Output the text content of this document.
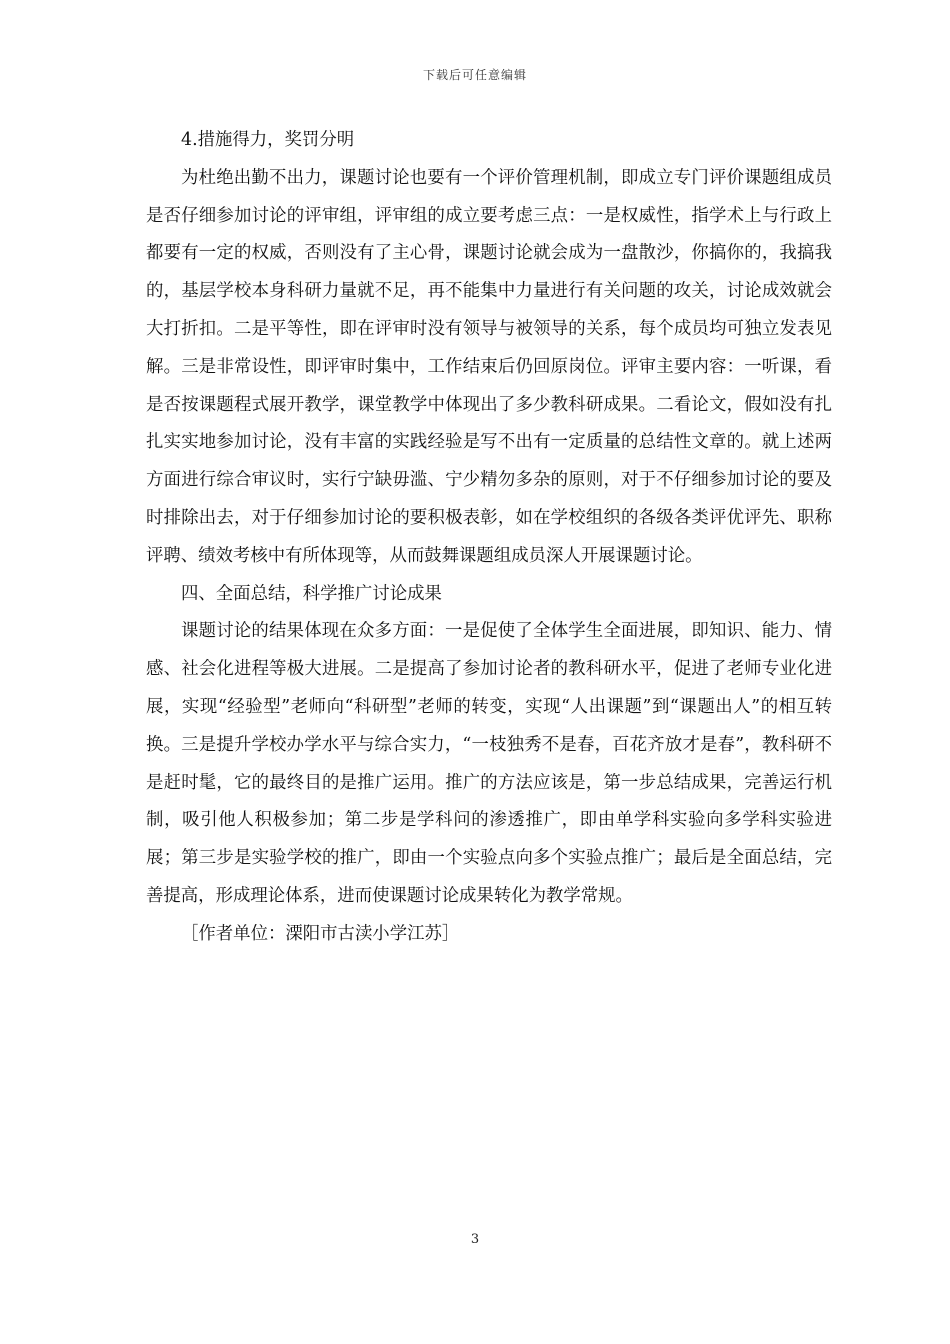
下载后可任意编辑

4.措施得力，奖罚分明

为杜绝出勤不出力，课题讨论也要有一个评价管理机制，即成立专门评价课题组成员是否仔细参加讨论的评审组，评审组的成立要考虑三点：一是权威性，指学术上与行政上都要有一定的权威，否则没有了主心骨，课题讨论就会成为一盘散沙，你搞你的，我搞我的，基层学校本身科研力量就不足，再不能集中力量进行有关问题的攻关，讨论成效就会大打折扣。二是平等性，即在评审时没有领导与被领导的关系，每个成员均可独立发表见解。三是非常设性，即评审时集中，工作结束后仍回原岗位。评审主要内容：一听课，看是否按课题程式展开教学，课堂教学中体现出了多少教科研成果。二看论文，假如没有扎扎实实地参加讨论，没有丰富的实践经验是写不出有一定质量的总结性文章的。就上述两方面进行综合审议时，实行宁缺毋滥、宁少精勿多杂的原则，对于不仔细参加讨论的要及时排除出去，对于仔细参加讨论的要积极表彰，如在学校组织的各级各类评优评先、职称评聘、绩效考核中有所体现等，从而鼓舞课题组成员深人开展课题讨论。

四、全面总结，科学推广讨论成果

课题讨论的结果体现在众多方面：一是促使了全体学生全面进展，即知识、能力、情感、社会化进程等极大进展。二是提高了参加讨论者的教科研水平，促进了老师专业化进展，实现“经验型”老师向“科研型”老师的转变，实现“人出课题”到“课题出人”的相互转换。三是提升学校办学水平与综合实力，“一枝独秀不是春，百花齐放才是春”，教科研不是赶时髦，它的最终目的是推广运用。推广的方法应该是，第一步总结成果，完善运行机制，吸引他人积极参加；第二步是学科问的渗透推广，即由单学科实验向多学科实验进展；第三步是实验学校的推广，即由一个实验点向多个实验点推广；最后是全面总结，完善提高，形成理论体系，进而使课题讨论成果转化为教学常规。

［作者单位：溧阳市古渎小学江苏］

3
